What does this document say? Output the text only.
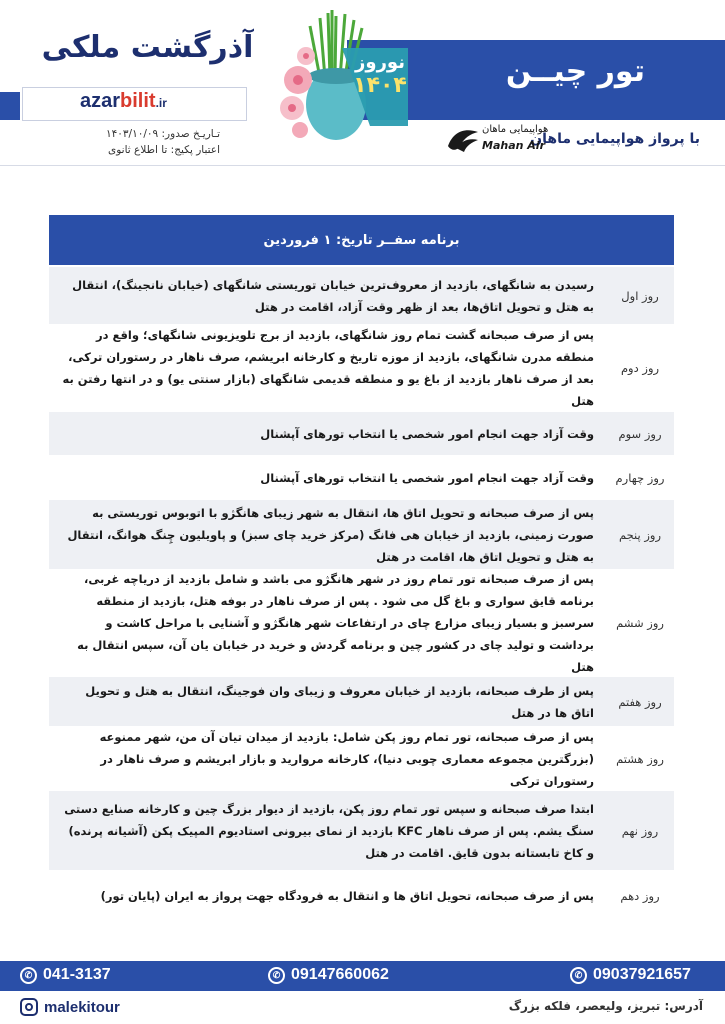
تور چیــن
با پرواز هواپیمایی ماهان
هواپیمایی ماهان
Mahan Air
آذرگشت ملکی
azarbilit.ir
تـاریـخ صدور: ۱۴۰۳/۱۰/۰۹
اعتبار پکیج: تا اطلاع ثانوی
نوروز
۱۴۰۴
برنامه سفــر تاریخ: ۱ فروردین
روز اول
رسیدن به شانگهای، بازدید از معروف‌ترین خیابان توریستی شانگهای (خیابان نانجینگ)، انتقال به هتل و تحویل اتاق‌ها، بعد از ظهر وقت آزاد، اقامت در هتل
روز دوم
پس از صرف صبحانه گشت تمام روز شانگهای، بازدید از برج تلویزیونی شانگهای؛ واقع در منطقه مدرن شانگهای، بازدید از موزه تاریخ و کارخانه ابریشم، صرف ناهار در رستوران ترکی، بعد از صرف ناهار بازدید از باغ یو و منطقه قدیمی شانگهای (بازار سنتی یو) و در انتها رفتن به هتل
روز سوم
وقت آزاد جهت انجام امور شخصی یا انتخاب تورهای آپشنال
روز چهارم
وقت آزاد جهت انجام امور شخصی یا انتخاب تورهای آپشنال
روز پنجم
پس از صرف صبحانه و تحویل اتاق ها، انتقال به شهر زیبای هانگژو با اتوبوس توریستی به صورت زمینی، بازدید از خیابان هی فانگ (مرکز خرید چای سبز) و پاویلیون چِنگ هوانگ، انتقال به هتل و تحویل اتاق ها، اقامت در هتل
روز ششم
پس از صرف صبحانه تور تمام روز در شهر هانگژو می باشد و شامل بازدید از دریاچه غربی، برنامه قایق سواری و باغ گل می شود . پس از صرف ناهار در بوفه هتل، بازدید از منطقه سرسبز و بسیار زیبای مزارع چای در ارتفاعات شهر هانگژو و آشنایی با مراحل کاشت و برداشت و تولید چای در کشور چین و برنامه گردش و خرید در خیابان یان آن، سپس انتقال به هتل
روز هفتم
پس از طرف صبحانه، بازدید از خیابان معروف و زیبای وان فوجینگ، انتقال به هتل و تحویل اتاق ها در هتل
روز هشتم
پس از صرف صبحانه، تور تمام روز پکن شامل: بازدید از میدان تیان آن من، شهر ممنوعه (بزرگترین مجموعه معماری چوبی دنیا)، کارخانه مروارید و بازار ابریشم و صرف ناهار در رستوران ترکی
روز نهم
ابتدا صرف صبحانه و سپس تور تمام روز پکن، بازدید از دیوار بزرگ چین و کارخانه صنایع دستی سنگ یشم. پس از صرف ناهار KFC بازدید از نمای بیرونی استادیوم المپیک پکن (آشیانه پرنده) و کاخ تابستانه بدون قایق. اقامت در هتل
روز دهم
پس از صرف صبحانه، تحویل اتاق ها و انتقال به فرودگاه جهت پرواز به ایران (پایان تور)
✆ 041-3137	✆ 09147660062	✆ 09037921657
malekitour	آدرس: تبریز، ولیعصر، فلکه بزرگ
